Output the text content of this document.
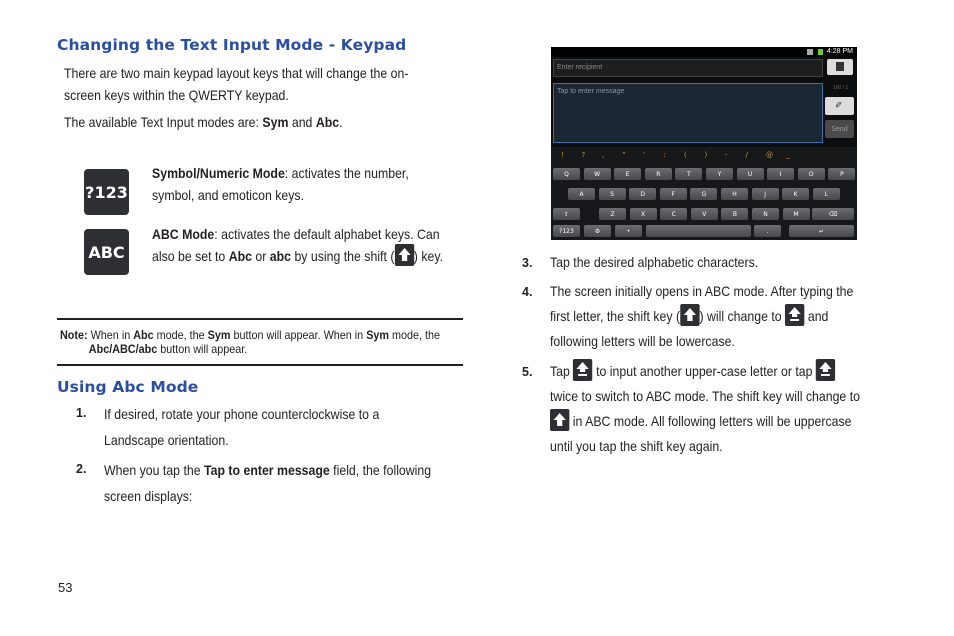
Changing the Text Input Mode - Keypad
There are two main keypad layout keys that will change the on-
screen keys within the QWERTY keypad.
The available Text Input modes are: Sym and Abc.
?123
Symbol/Numeric Mode: activates the number,
symbol, and emoticon keys.
ABC
ABC Mode: activates the default alphabet keys. Can
also be set to Abc or abc by using the shift ( ) key.
Note: When in Abc mode, the Sym button will appear. When in Sym mode, the
Abc/ABC/abc button will appear.
Using Abc Mode
1. If desired, rotate your phone counterclockwise to a
Landscape orientation.
2. When you tap the Tap to enter message field, the following
screen displays:
4:28 PM
Enter recipient
Tap to enter message	160 / 1
✐
Send
!	? ,	" '	:	(	)	-	/	@ _
Q	W	E	R	T	Y	U	I	O	P
A	S	D	F	G	H	J	K	L
⇧	Z	X	C	V	B	N	M	⌫
?123	⚙	•	.	↵
3. Tap the desired alphabetic characters.
4. The screen initially opens in ABC mode. After typing the
first letter, the shift key ( ) will change to
and
following letters will be lowercase.
5. Tap
to input another upper-case letter or tap
twice to switch to ABC mode. The shift key will change to
in ABC mode. All following letters will be uppercase
until you tap the shift key again.
53
